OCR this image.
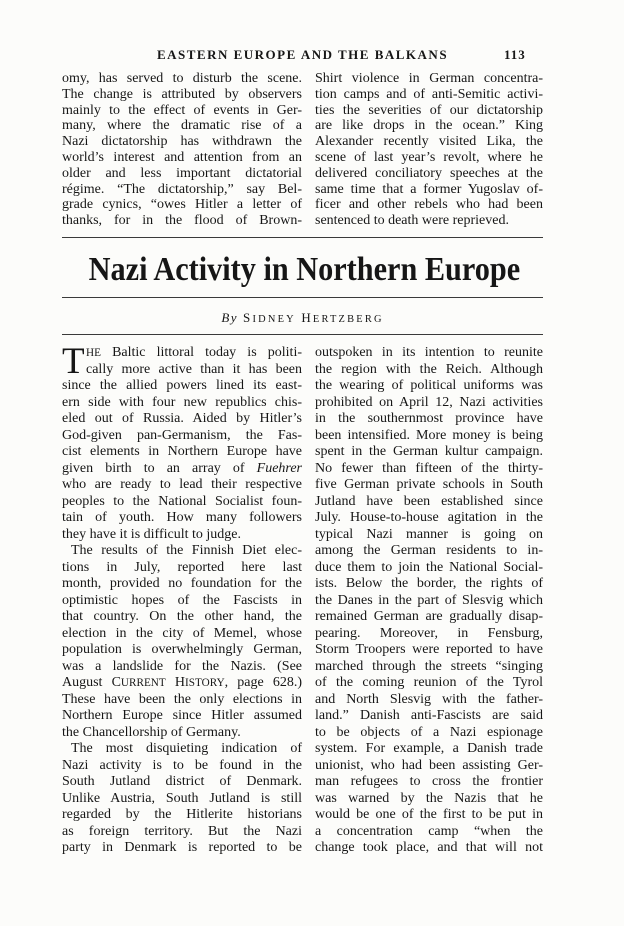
EASTERN EUROPE AND THE BALKANS	113
omy, has served to disturb the scene.
The change is attributed by observers
mainly to the effect of events in Ger-
many, where the dramatic rise of a
Nazi dictatorship has withdrawn the
world’s interest and attention from an
older and less important dictatorial
régime. “The dictatorship,” say Bel-
grade cynics, “owes Hitler a letter of
thanks, for in the flood of Brown-
Shirt violence in German concentra-
tion camps and of anti-Semitic activi-
ties the severities of our dictatorship
are like drops in the ocean.” King
Alexander recently visited Lika, the
scene of last year’s revolt, where he
delivered conciliatory speeches at the
same time that a former Yugoslav of-
ficer and other rebels who had been
sentenced to death were reprieved.
Nazi Activity in Northern Europe
By SIDNEY HERTZBERG
T HE Baltic littoral today is politi-
cally more active than it has been
since the allied powers lined its east-
ern side with four new republics chis-
eled out of Russia. Aided by Hitler’s
God-given pan-Germanism, the Fas-
cist elements in Northern Europe have
given birth to an array of Fuehrer
who are ready to lead their respective
peoples to the National Socialist foun-
tain of youth. How many followers
they have it is difficult to judge.
The results of the Finnish Diet elec-
tions in July, reported here last
month, provided no foundation for the
optimistic hopes of the Fascists in
that country. On the other hand, the
election in the city of Memel, whose
population is overwhelmingly German,
was a landslide for the Nazis. (See
August CURRENT HISTORY, page 628.)
These have been the only elections in
Northern Europe since Hitler assumed
the Chancellorship of Germany.
The most disquieting indication of
Nazi activity is to be found in the
South Jutland district of Denmark.
Unlike Austria, South Jutland is still
regarded by the Hitlerite historians
as foreign territory. But the Nazi
party in Denmark is reported to be
outspoken in its intention to reunite
the region with the Reich. Although
the wearing of political uniforms was
prohibited on April 12, Nazi activities
in the southernmost province have
been intensified. More money is being
spent in the German kultur campaign.
No fewer than fifteen of the thirty-
five German private schools in South
Jutland have been established since
July. House-to-house agitation in the
typical Nazi manner is going on
among the German residents to in-
duce them to join the National Social-
ists. Below the border, the rights of
the Danes in the part of Slesvig which
remained German are gradually disap-
pearing. Moreover, in Fensburg,
Storm Troopers were reported to have
marched through the streets “singing
of the coming reunion of the Tyrol
and North Slesvig with the father-
land.” Danish anti-Fascists are said
to be objects of a Nazi espionage
system. For example, a Danish trade
unionist, who had been assisting Ger-
man refugees to cross the frontier
was warned by the Nazis that he
would be one of the first to be put in
a concentration camp “when the
change took place, and that will not
